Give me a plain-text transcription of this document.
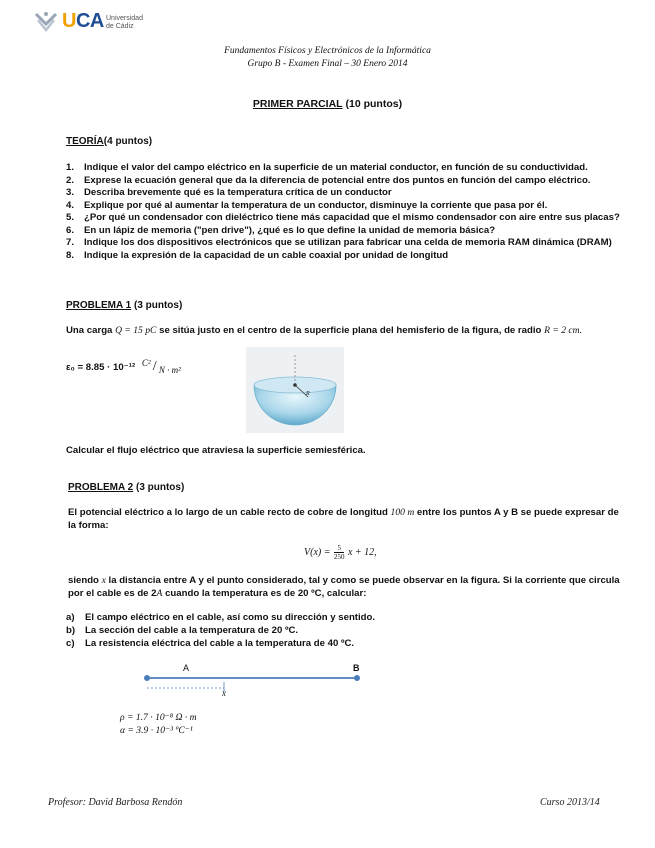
UCA Universidad
de Cádiz
Fundamentos Físicos y Electrónicos de la Informática
Grupo B - Examen Final – 30 Enero 2014
PRIMER PARCIAL (10 puntos)
TEORÍA(4 puntos)
1. Indique el valor del campo eléctrico en la superficie de un material conductor, en función de su conductividad.
2. Exprese la ecuación general que da la diferencia de potencial entre dos puntos en función del campo eléctrico.
3. Describa brevemente qué es la temperatura crítica de un conductor
4. Explique por qué al aumentar la temperatura de un conductor, disminuye la corriente que pasa por él.
5. ¿Por qué un condensador con dieléctrico tiene más capacidad que el mismo condensador con aire entre sus placas?
6. En un lápiz de memoria ("pen drive"), ¿qué es lo que define la unidad de memoria básica?
7. Indique los dos dispositivos electrónicos que se utilizan para fabricar una celda de memoria RAM dinámica (DRAM)
8. Indique la expresión de la capacidad de un cable coaxial por unidad de longitud
PROBLEMA 1 (3 puntos)
Una carga Q = 15 pC se sitúa justo en el centro de la superficie plana del hemisferio de la figura, de radio R = 2 cm.
ε₀ = 8.85 · 10⁻¹² C² / N · m²
R
Calcular el flujo eléctrico que atraviesa la superficie semiesférica.
PROBLEMA 2 (3 puntos)
El potencial eléctrico a lo largo de un cable recto de cobre de longitud 100 m entre los puntos A y B se puede expresar de
la forma:
$V(x) = \frac{5}{250}$ x + 12,
siendo x la distancia entre A y el punto considerado, tal y como se puede observar en la figura. Si la corriente que circula
por el cable es de 2A cuando la temperatura es de 20 ºC, calcular:
a) El campo eléctrico en el cable, así como su dirección y sentido.
b) La sección del cable a la temperatura de 20 ºC.
c) La resistencia eléctrica del cable a la temperatura de 40 ºC.
A	B
x
ρ = 1.7 · 10⁻⁸ Ω · m
α = 3.9 · 10⁻³ ºC⁻¹
Profesor: David Barbosa Rendón	Curso 2013/14
